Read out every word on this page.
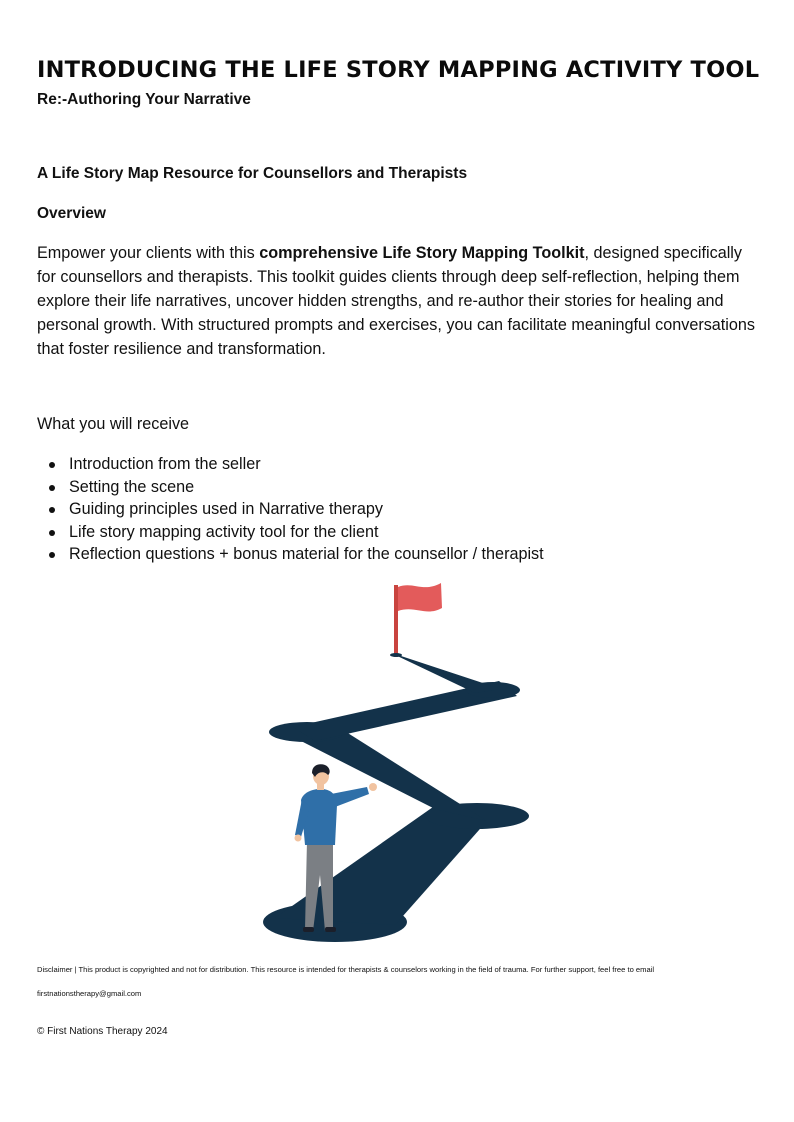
INTRODUCING THE LIFE STORY MAPPING ACTIVITY TOOL

Re:-Authoring Your Narrative

A Life Story Map Resource for Counsellors and Therapists

Overview

Empower your clients with this comprehensive Life Story Mapping Toolkit, designed specifically for counsellors and therapists. This toolkit guides clients through deep self-reflection, helping them explore their life narratives, uncover hidden strengths, and re-author their stories for healing and personal growth. With structured prompts and exercises, you can facilitate meaningful conversations that foster resilience and transformation.

What you will receive

Introduction from the seller
Setting the scene
Guiding principles used in Narrative therapy
Life story mapping activity tool for the client
Reflection questions + bonus material for the counsellor / therapist

Disclaimer | This product is copyrighted and not for distribution. This resource is intended for therapists & counselors working in the field of trauma. For further support, feel free to email

firstnationstherapy@gmail.com

© First Nations Therapy 2024
